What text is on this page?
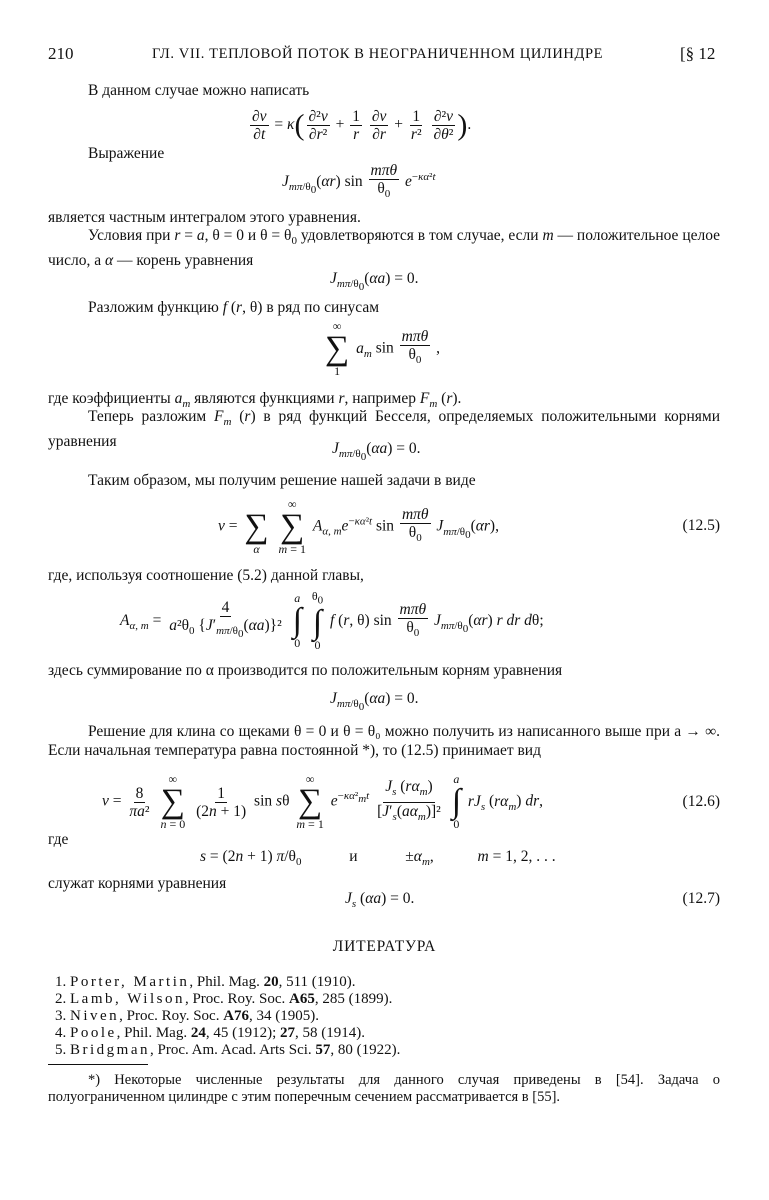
210	ГЛ. VII. ТЕПЛОВОЙ ПОТОК В НЕОГРАНИЧЕННОМ ЦИЛИНДРЕ	[§ 12
В данном случае можно написать
$\frac{\partial v}{\partial t} = \kappa( \frac{\text{∂²v}}{\text{∂r²}} + \frac{1}{r}$
$\frac{\partial v}{\partial r} + \frac{1}{\text{r²}}$
$\frac{\text{∂²v}}{\text{∂θ²}}$ ).
Выражение
$J_{m\pi/\theta_0}(\alpha r)$ $\sin \frac{\text{mπθ}}{\theta_0} e^{-\kappa\alpha^2t}$
является частным интегралом этого уравнения.
Условия при r = a, θ = 0 и $\theta = \theta_0$ удовлетворяются в том случае, если m — положительное целое число, а α — корень уравнения
$J_{m\pi/\theta_0}(\alpha a) = 0$.
Разложим функцию f (r, θ) в ряд по синусам
∞
∑
1
$a_m$ $\sin \frac{\text{mπθ}}{\theta_0}$ ,
где коэффициенты $a_m$ являются функциями r, например $F_m$ (r).
Теперь разложим $F_m$ (r) в ряд функций Бесселя, определяемых положительными корнями уравнения	$J_{m\pi/\theta_0}(\alpha a) = 0$.
Таким образом, мы получим решение нашей задачи в виде
v =
∑
α

∞
∑
m = 1
$A_{\alpha, m}e^{-\kappa\alpha^2t}$ $\sin \frac{\text{mπθ}}{\theta_0} J_{m\pi/\theta_0}(\alpha r)$,	(12.5)
где, используя соотношение (5.2) данной главы,
$A_{\alpha, m} = \frac{4}{a^2\theta_0 \{J'_{m\pi/\theta_0}(\alpha a)\}^2}$

a
∫
0

$\theta_0$
∫
0
f (r, θ) $\sin \frac{\text{mπθ}}{\theta_0} J_{m\pi/\theta_0}(\alpha r)$ r dr dθ;
здесь суммирование по α производится по положительным корням уравнения
$J_{m\pi/\theta_0}(\alpha a) = 0$.
Решение для клина со щеками θ = 0 и θ = θ₀ можно получить из написанного выше при a → ∞. Если начальная температура равна постоянной *), то (12.5) принимает вид
$v = \frac{8}{\text{πa²}}$

∞
∑
n = 0

$\frac{1}{(2n + 1)}$ sin sθ
∞
∑
m = 1
$e^{-\kappa\alpha^2_mt} \frac{J_s (r\alpha_m)}{[J'_s(a\alpha_m)]^2}$
a
∫
0
$rJ_s$ $(r\alpha_m)$ dr,	(12.6)
где
s = (2n + 1) $\pi/\theta_0$	и	$\pm\alpha_m$,	m = 1, 2, . . .
служат корнями уравнения
$J_s$ (αa) = 0.	(12.7)
ЛИТЕРАТУРА
1. Porter, Martin, Phil. Mag. 20, 511 (1910).
2. Lamb, Wilson, Proc. Roy. Soc. A65, 285 (1899).
3. Niven, Proc. Roy. Soc. A76, 34 (1905).
4. Poole, Phil. Mag. 24, 45 (1912); 27, 58 (1914).
5. Bridgman, Proc. Am. Acad. Arts Sci. 57, 80 (1922).
*) Некоторые численные результаты для данного случая приведены в [54]. Задача о полуограниченном цилиндре с этим поперечным сечением рассматривается в [55].
